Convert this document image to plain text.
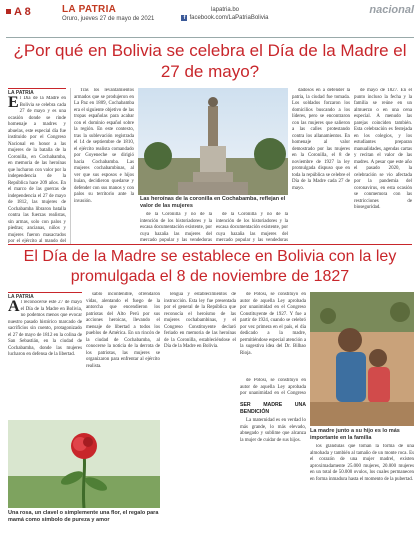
A 8	LA PATRIA
Oruro, jueves 27 de mayo de 2021
lapatria.bo
f facebook.com/LaPatriaBolivia
nacional
¿Por qué en Bolivia se celebra el Día de la Madre el 27 de mayo?
LA PATRIA
El Día de la Madre en Bolivia se celebra cada 27 de mayo y es una ocasión donde se rinde homenaje a madres y abuelas, este especial día fue instituido por el Congreso Nacional en honor a las mujeres de la batalla de la Coronilla, en Cochabamba, en memoria de las heroínas que lucharon con valor por la independencia de la República hace 209 años. En el marco de las guerras de independencia el 27 de mayo de 1812, las mujeres de Cochabamba libraron batalla contra las fuerzas realistas, sin armas, solo con palos y piedras; ancianas, niños y mujeres fueron masacrados por el ejército al mando del

Tras los levantamientos armados que se produjeron en La Paz en 1809, Cochabamba era el siguiente objetivo de las tropas españolas para acabar con el dominio español sobre la región. En este contexto, tras la sublevación registrada el 14 de septiembre de 1810, el ejército realista comandado por Goyeneche se dirigió hacia Cochabamba. Las mujeres cochabambinas, al ver que sus esposos e hijos huían, decidieron quedarse y defender con sus manos y con palos su territorio ante la invasión.	Las heroínas de la coronilla en Cochabamba, reflejan el valor de las mujeres

de la Coronilla y no de la intención de los historiadores y la escasa documentación existente, por cuya hazaña las mujeres del mercado popular y las vendedoras

de la Coronilla y no de la intención de los historiadores y la escasa documentación existente, por cuya hazaña las mujeres del mercado popular y las vendedoras

dadosos en a defender la patria, la ciudad fue tomada. Los soldados forzaron los domicilios buscando a los líderes, pero se encontraron con las mujeres que salieron a las calles protestando contra los allanamientos. En homenaje al valor demostrado por las mujeres en la Coronilla, el 8 de noviembre de 1927 la ley promulgada dispuso que en toda la república se celebre el Día de la Madre cada 27 de mayo.

de mayo de 1827. En el punto incluso la fecha y la familia se reúne en un almuerzo o en una cena especial. A menudo las parejas coinciden también. Esta celebración es festejada en los colegios, y los estudiantes preparan manualidades, agendas cartas y recitan el valor de las madres. A pesar que este año el pasado 2020, la celebración se vio afectada por la pandemia del coronavirus, en esta ocasión se conmemora con las restricciones de bioseguridad.

El Día de la Madre se establece en Bolivia con la ley promulgada el 8 de noviembre de 1827
LA PATRIA
Al reconocerse este 27 de mayo el Día de la Madre en Bolivia, no podemos menos que evocar nuestro pasado histórico marcado de sacrificios sin cuento, protagonizado el 27 de mayo de 1812 en la colina de San Sebastián, en la ciudad de Cochabamba, donde las mujeres lucharon en defensa de la libertad.

sablo incontenible, ofrendaron vidas, alentando el fuego de la antorcha que encendieron los patriotas del Alto Perú por sus acciones heroicas, llevando el mensaje de libertad a todos los pueblos de América. En un rincón de la ciudad de Cochabamba, al conocerse la noticia de la derrota de los patriotas, las mujeres se organizaron para enfrentar al ejército realista.

Una rosa, un clavel o simplemente una flor, el regalo para mamá como símbolo de pureza y amor

lengua y establecimientos de instrucción. Esta ley fue presentada por el general de la República que reconocía el heroísmo de las mujeres cochabambinas, y el Congreso Constituyente declaró feriado en memoria de las heroínas de la Coronilla, estableciéndose el Día de la Madre en Bolivia.

de Potosí, se constituyó en autor de aquella Ley aprobada por unanimidad en el Congreso Constituyente de 1927. Y fue a partir de 1924, cuando se celebró por vez primera en el país, el día dedicado a la madre, permitiéndose especial atención a la sugestiva idea del Dr. Bilbao Rioja.

La madre junto a su hijo es lo más importante en la familia

de Potosí, se constituyó en autor de aquella Ley aprobada por unanimidad en el Congreso

SER MADRE UNA BENDICIÓN

La maternidad es en verdad lo más grande, lo más elevado, abnegado y sublime que alcanza la mujer de cuidar de sus hijos.

los glándulas que toman la forma de una almohada y también al tamaño de un monte roca. Es el corazón de una mujer madrel, existen aproximadamente 25.000 mujeres, 20.000 mujeres en un total de 50.000 ovulos, los cuales permanecen en forma inmadura hasta el momento de la pubertad.
